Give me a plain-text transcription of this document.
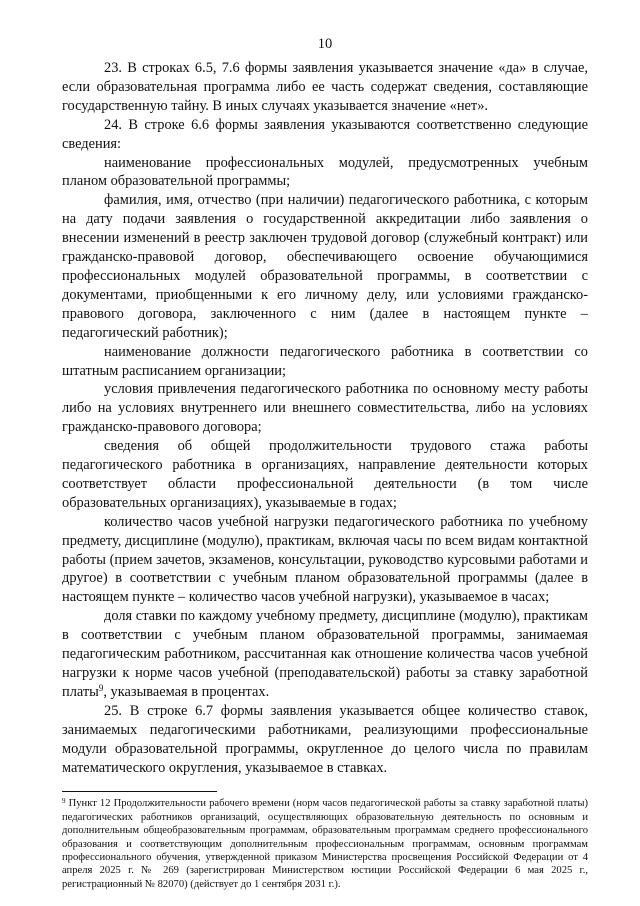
10

23. В строках 6.5, 7.6 формы заявления указывается значение «да» в случае, если образовательная программа либо ее часть содержат сведения, составляющие государственную тайну. В иных случаях указывается значение «нет».

24. В строке 6.6 формы заявления указываются соответственно следующие сведения:

наименование профессиональных модулей, предусмотренных учебным планом образовательной программы;

фамилия, имя, отчество (при наличии) педагогического работника, с которым на дату подачи заявления о государственной аккредитации либо заявления о внесении изменений в реестр заключен трудовой договор (служебный контракт) или гражданско-правовой договор, обеспечивающего освоение обучающимися профессиональных модулей образовательной программы, в соответствии с документами, приобщенными к его личному делу, или условиями гражданско-правового договора, заключенного с ним (далее в настоящем пункте – педагогический работник);

наименование должности педагогического работника в соответствии со штатным расписанием организации;

условия привлечения педагогического работника по основному месту работы либо на условиях внутреннего или внешнего совместительства, либо на условиях гражданско-правового договора;

сведения об общей продолжительности трудового стажа работы педагогического работника в организациях, направление деятельности которых соответствует области профессиональной деятельности (в том числе образовательных организациях), указываемые в годах;

количество часов учебной нагрузки педагогического работника по учебному предмету, дисциплине (модулю), практикам, включая часы по всем видам контактной работы (прием зачетов, экзаменов, консультации, руководство курсовыми работами и другое) в соответствии с учебным планом образовательной программы (далее в настоящем пункте – количество часов учебной нагрузки), указываемое в часах;

доля ставки по каждому учебному предмету, дисциплине (модулю), практикам в соответствии с учебным планом образовательной программы, занимаемая педагогическим работником, рассчитанная как отношение количества часов учебной нагрузки к норме часов учебной (преподавательской) работы за ставку заработной платы$^9$, указываемая в процентах.

25. В строке 6.7 формы заявления указывается общее количество ставок, занимаемых педагогическими работниками, реализующими профессиональные модули образовательной программы, округленное до целого числа по правилам математического округления, указываемое в ставках.

$^9$ Пункт 12 Продолжительности рабочего времени (норм часов педагогической работы за ставку заработной платы) педагогических работников организаций, осуществляющих образовательную деятельность по основным и дополнительным общеобразовательным программам, образовательным программам среднего профессионального образования и соответствующим дополнительным профессиональным программам, основным программам профессионального обучения, утвержденной приказом Министерства просвещения Российской Федерации от 4 апреля 2025 г. № 269 (зарегистрирован Министерством юстиции Российской Федерации 6 мая 2025 г., регистрационный № 82070) (действует до 1 сентября 2031 г.).
